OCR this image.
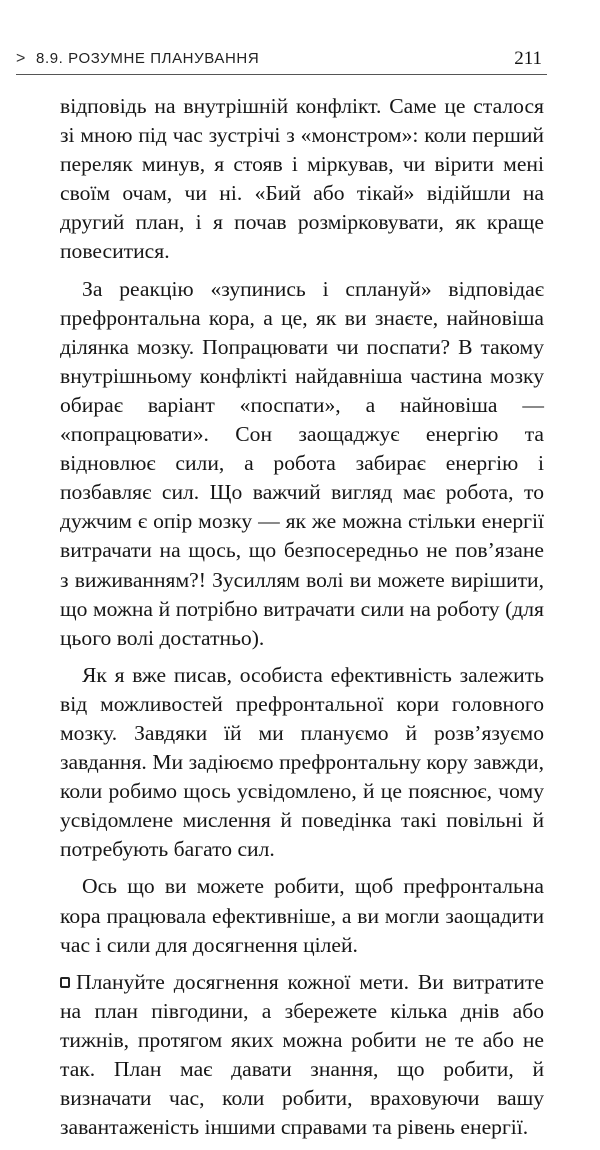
> 8.9. РОЗУМНЕ ПЛАНУВАННЯ	211

відповідь на внутрішній конфлікт. Саме це сталося зі мною під час зустрічі з «монстром»: коли перший переляк минув, я стояв і міркував, чи вірити мені своїм очам, чи ні. «Бий або тікай» відійшли на другий план, і я почав розмірковувати, як краще повеситися.

За реакцію «зупинись і сплануй» відповідає префронтальна кора, а це, як ви знаєте, найновіша ділянка мозку. Попрацювати чи поспати? В такому внутрішньому конфлікті найдавніша частина мозку обирає варіант «поспати», а найновіша — «попрацювати». Сон заощаджує енергію та відновлює сили, а робота забирає енергію і позбавляє сил. Що важчий вигляд має робота, то дужчим є опір мозку — як же можна стільки енергії витрачати на щось, що безпосередньо не пов’язане з виживанням?! Зусиллям волі ви можете вирішити, що можна й потрібно витрачати сили на роботу (для цього волі достатньо).

Як я вже писав, особиста ефективність залежить від можливостей префронтальної кори головного мозку. Завдяки їй ми плануємо й розв’язуємо завдання. Ми задіюємо префронтальну кору завжди, коли робимо щось усвідомлено, й це пояснює, чому усвідомлене мислення й поведінка такі повільні й потребують багато сил.

Ось що ви можете робити, щоб префронтальна кора працювала ефективніше, а ви могли заощадити час і сили для досягнення цілей.

Плануйте досягнення кожної мети. Ви витратите на план півгодини, а збережете кілька днів або тижнів, протягом яких можна робити не те або не так. План має давати знання, що робити, й визначати час, коли робити, враховуючи вашу завантаженість іншими справами та рівень енергії.
